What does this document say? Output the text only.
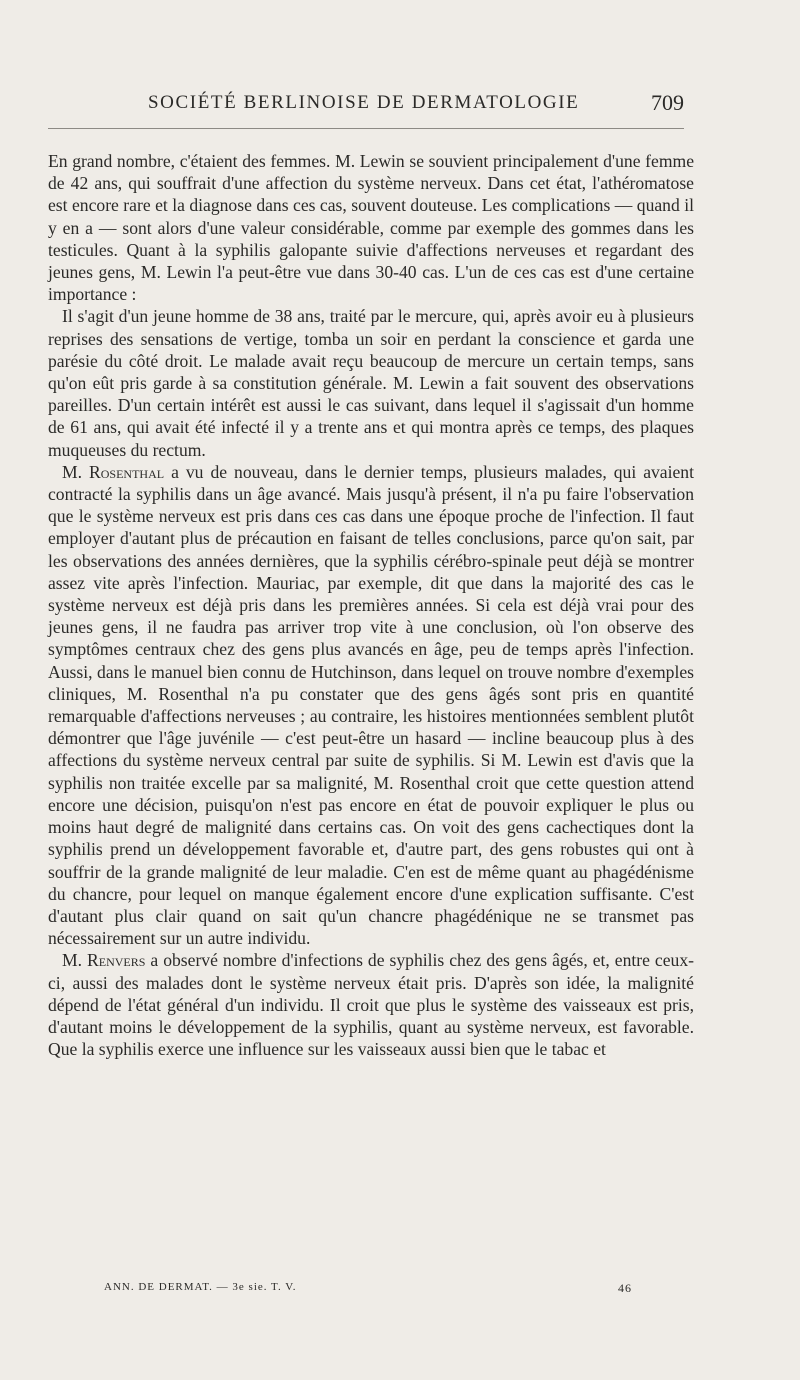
SOCIÉTÉ BERLINOISE DE DERMATOLOGIE	709

En grand nombre, c'étaient des femmes. M. Lewin se souvient principalement d'une femme de 42 ans, qui souffrait d'une affection du système nerveux. Dans cet état, l'athéromatose est encore rare et la diagnose dans ces cas, souvent douteuse. Les complications — quand il y en a — sont alors d'une valeur considérable, comme par exemple des gommes dans les testicules. Quant à la syphilis galopante suivie d'affections nerveuses et regardant des jeunes gens, M. Lewin l'a peut-être vue dans 30-40 cas. L'un de ces cas est d'une certaine importance :

Il s'agit d'un jeune homme de 38 ans, traité par le mercure, qui, après avoir eu à plusieurs reprises des sensations de vertige, tomba un soir en perdant la conscience et garda une parésie du côté droit. Le malade avait reçu beaucoup de mercure un certain temps, sans qu'on eût pris garde à sa constitution générale. M. Lewin a fait souvent des observations pareilles. D'un certain intérêt est aussi le cas suivant, dans lequel il s'agissait d'un homme de 61 ans, qui avait été infecté il y a trente ans et qui montra après ce temps, des plaques muqueuses du rectum.

M. Rosenthal a vu de nouveau, dans le dernier temps, plusieurs malades, qui avaient contracté la syphilis dans un âge avancé. Mais jusqu'à présent, il n'a pu faire l'observation que le système nerveux est pris dans ces cas dans une époque proche de l'infection. Il faut employer d'autant plus de précaution en faisant de telles conclusions, parce qu'on sait, par les observations des années dernières, que la syphilis cérébro-spinale peut déjà se montrer assez vite après l'infection. Mauriac, par exemple, dit que dans la majorité des cas le système nerveux est déjà pris dans les premières années. Si cela est déjà vrai pour des jeunes gens, il ne faudra pas arriver trop vite à une conclusion, où l'on observe des symptômes centraux chez des gens plus avancés en âge, peu de temps après l'infection. Aussi, dans le manuel bien connu de Hutchinson, dans lequel on trouve nombre d'exemples cliniques, M. Rosenthal n'a pu constater que des gens âgés sont pris en quantité remarquable d'affections nerveuses ; au contraire, les histoires mentionnées semblent plutôt démontrer que l'âge juvénile — c'est peut-être un hasard — incline beaucoup plus à des affections du système nerveux central par suite de syphilis. Si M. Lewin est d'avis que la syphilis non traitée excelle par sa malignité, M. Rosenthal croit que cette question attend encore une décision, puisqu'on n'est pas encore en état de pouvoir expliquer le plus ou moins haut degré de malignité dans certains cas. On voit des gens cachectiques dont la syphilis prend un développement favorable et, d'autre part, des gens robustes qui ont à souffrir de la grande malignité de leur maladie. C'en est de même quant au phagédénisme du chancre, pour lequel on manque également encore d'une explication suffisante. C'est d'autant plus clair quand on sait qu'un chancre phagédénique ne se transmet pas nécessairement sur un autre individu.

M. Renvers a observé nombre d'infections de syphilis chez des gens âgés, et, entre ceux-ci, aussi des malades dont le système nerveux était pris. D'après son idée, la malignité dépend de l'état général d'un individu. Il croit que plus le système des vaisseaux est pris, d'autant moins le développement de la syphilis, quant au système nerveux, est favorable. Que la syphilis exerce une influence sur les vaisseaux aussi bien que le tabac et

ANN. DE DERMAT. — 3e sie. T. V.	46
